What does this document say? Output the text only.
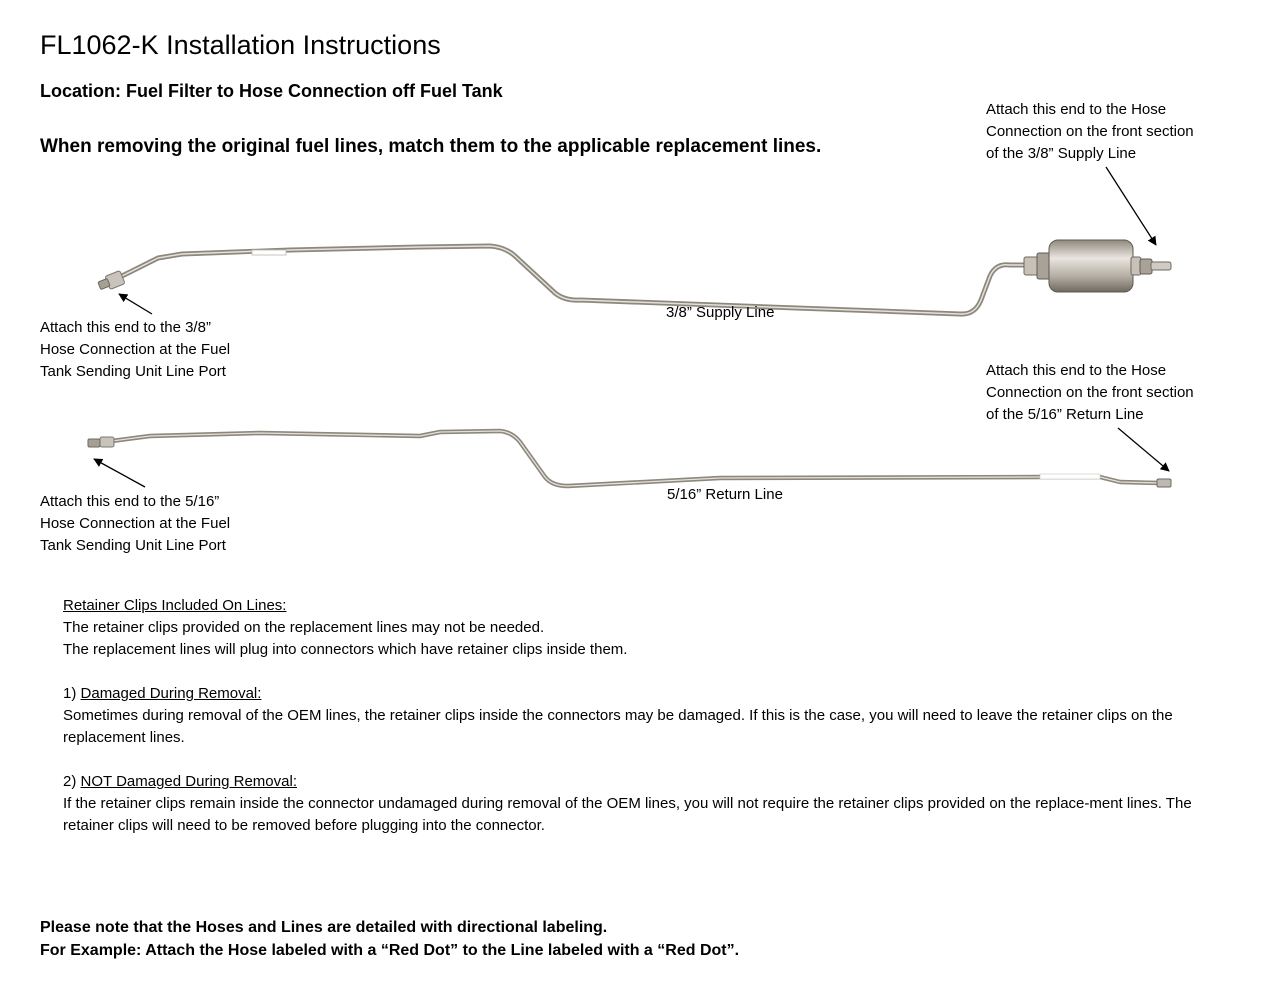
FL1062-K Installation Instructions
Location: Fuel Filter to Hose Connection off Fuel Tank
When removing the original fuel lines, match them to the applicable replacement lines.

Attach this end to the Hose
Connection on the front section
of the 3/8” Supply Line

Attach this end to the 3/8”
Hose Connection at the Fuel
Tank Sending Unit Line Port	Attach this end to the Hose
Connection on the front section
of the 5/16” Return Line

Attach this end to the 5/16”
Hose Connection at the Fuel
Tank Sending Unit Line Port

3/8” Supply Line
5/16” Return Line

Retainer Clips Included On Lines:

The retainer clips provided on the replacement lines may not be needed.

The replacement lines will plug into connectors which have retainer clips inside them.

1) Damaged During Removal:

Sometimes during removal of the OEM lines, the retainer clips inside the connectors may be damaged. If this is the case, you will need to leave the retainer clips on the replacement lines.

2) NOT Damaged During Removal:

If the retainer clips remain inside the connector undamaged during removal of the OEM lines, you will not require the retainer clips provided on the replace-ment lines. The retainer clips will need to be removed before plugging into the connector.

Please note that the Hoses and Lines are detailed with directional labeling.

For Example: Attach the Hose labeled with a “Red Dot” to the Line labeled with a “Red Dot”.
